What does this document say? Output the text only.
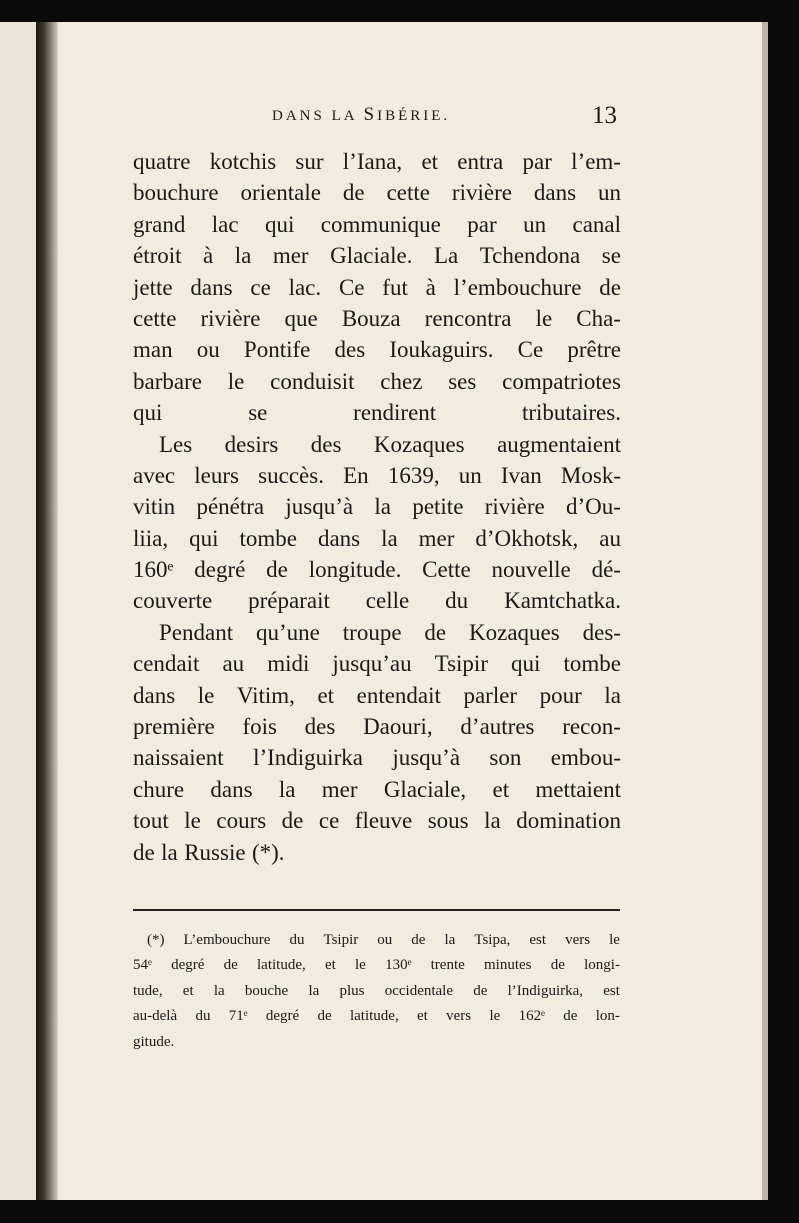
DANS LA SIBÉRIE.	13
quatre kotchis sur l’Iana, et entra par l’em-
bouchure orientale de cette rivière dans un
grand lac qui communique par un canal
étroit à la mer Glaciale. La Tchendona se
jette dans ce lac. Ce fut à l’embouchure de
cette rivière que Bouza rencontra le Cha-
man ou Pontife des Ioukaguirs. Ce prêtre
barbare le conduisit chez ses compatriotes
qui	se	rendirent	tributaires.
Les desirs des Kozaques augmentaient
avec leurs succès. En 1639, un Ivan Mosk-
vitin pénétra jusqu’à la petite rivière d’Ou-
liia, qui tombe dans la mer d’Okhotsk, au
160ᵉ degré de longitude. Cette nouvelle dé-
couverte préparait celle du Kamtchatka.
Pendant qu’une troupe de Kozaques des-
cendait au midi jusqu’au Tsipir qui tombe
dans le Vitim, et entendait parler pour la
première fois des Daouri, d’autres recon-
naissaient l’Indiguirka jusqu’à son embou-
chure dans la mer Glaciale, et mettaient
tout le cours de ce fleuve sous la domination
de la Russie (*).
(*) L’embouchure du Tsipir ou de la Tsipa, est vers le
54ᵉ degré de latitude, et le 130ᵉ trente minutes de longi-
tude, et la bouche la plus occidentale de l’Indiguirka, est
au-delà du 71ᵉ degré de latitude, et vers le 162ᵉ de lon-
gitude.
